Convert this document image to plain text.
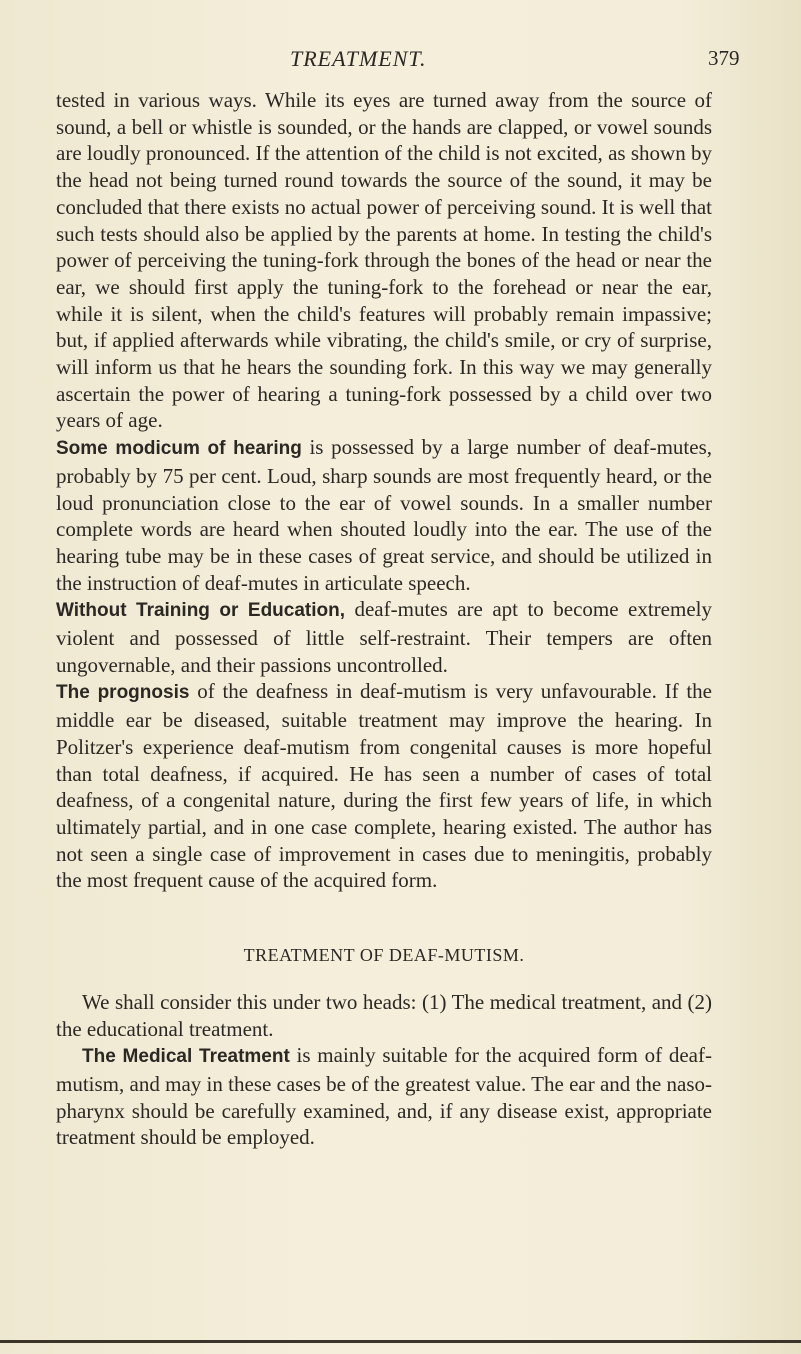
TREATMENT.	379

tested in various ways. While its eyes are turned away from the source of sound, a bell or whistle is sounded, or the hands are clapped, or vowel sounds are loudly pronounced. If the attention of the child is not excited, as shown by the head not being turned round towards the source of the sound, it may be concluded that there exists no actual power of perceiving sound. It is well that such tests should also be applied by the parents at home. In testing the child's power of perceiving the tuning-fork through the bones of the head or near the ear, we should first apply the tuning-fork to the forehead or near the ear, while it is silent, when the child's features will probably remain impassive; but, if applied afterwards while vibrating, the child's smile, or cry of surprise, will inform us that he hears the sounding fork. In this way we may generally ascertain the power of hearing a tuning-fork possessed by a child over two years of age.

Some modicum of hearing is possessed by a large number of deaf-mutes, probably by 75 per cent. Loud, sharp sounds are most frequently heard, or the loud pronunciation close to the ear of vowel sounds. In a smaller number complete words are heard when shouted loudly into the ear. The use of the hearing tube may be in these cases of great service, and should be utilized in the instruction of deaf-mutes in articulate speech.

Without Training or Education, deaf-mutes are apt to become extremely violent and possessed of little self-restraint. Their tempers are often ungovernable, and their passions uncontrolled.

The prognosis of the deafness in deaf-mutism is very unfavourable. If the middle ear be diseased, suitable treatment may improve the hearing. In Politzer's experience deaf-mutism from congenital causes is more hopeful than total deafness, if acquired. He has seen a number of cases of total deafness, of a congenital nature, during the first few years of life, in which ultimately partial, and in one case complete, hearing existed. The author has not seen a single case of improvement in cases due to meningitis, probably the most frequent cause of the acquired form.

TREATMENT OF DEAF-MUTISM.

We shall consider this under two heads: (1) The medical treatment, and (2) the educational treatment.

The Medical Treatment is mainly suitable for the acquired form of deaf-mutism, and may in these cases be of the greatest value. The ear and the naso-pharynx should be carefully examined, and, if any disease exist, appropriate treatment should be employed.
